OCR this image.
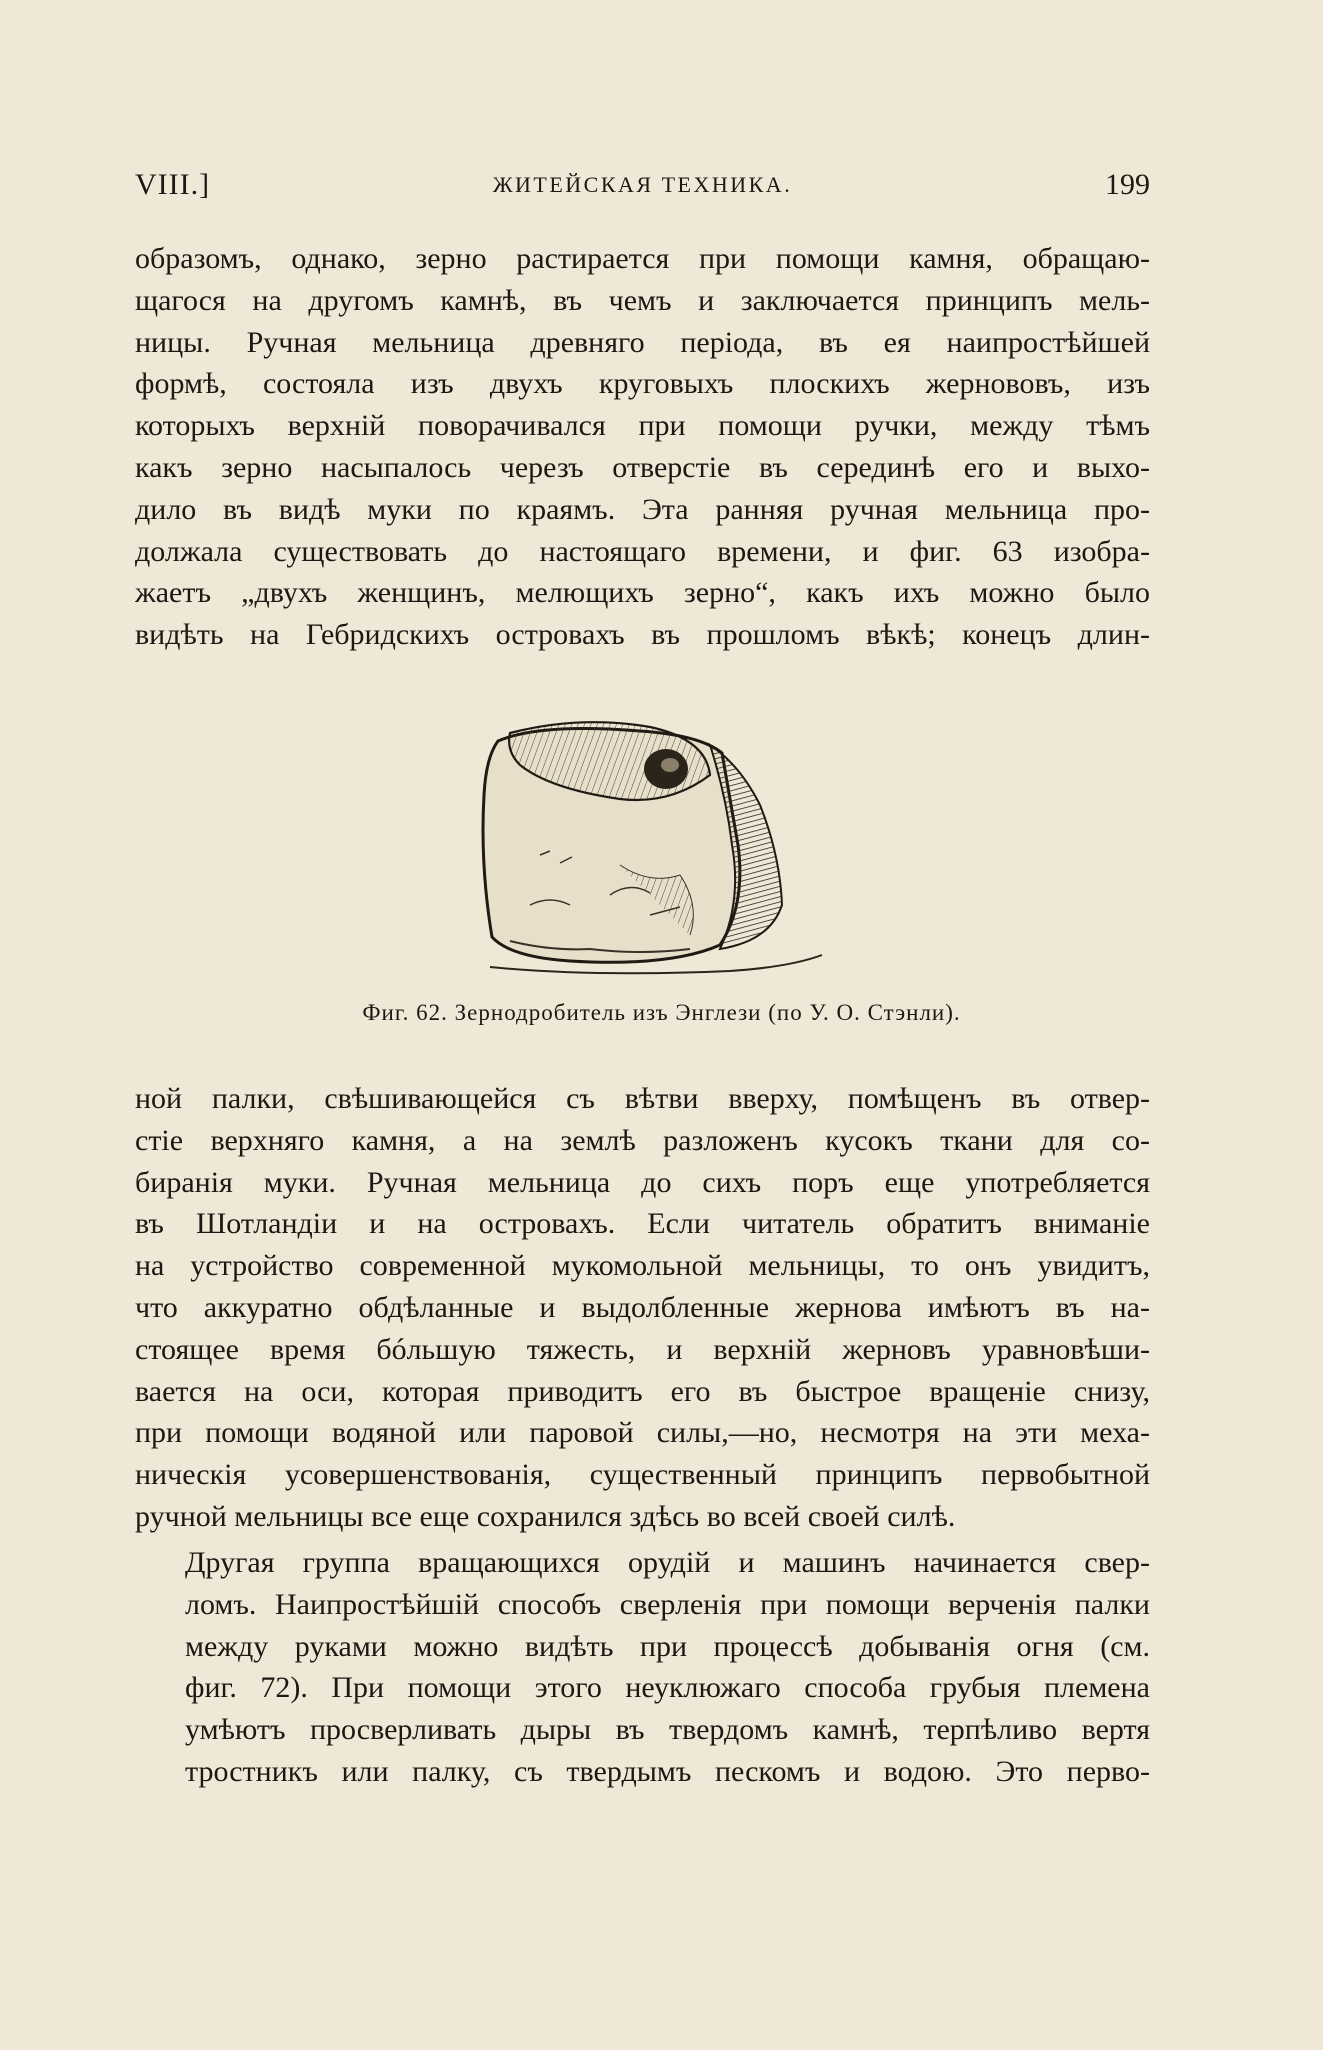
VIII.]	ЖИТЕЙСКАЯ ТЕХНИКА.	199
образомъ, однако, зерно растирается при помощи камня, обращаю-
щагося на другомъ камнѣ, въ чемъ и заключается принципъ мель-
ницы. Ручная мельница древняго періода, въ ея наипростѣйшей
формѣ, состояла изъ двухъ круговыхъ плоскихъ жернововъ, изъ
которыхъ верхній поворачивался при помощи ручки, между тѣмъ
какъ зерно насыпалось черезъ отверстіе въ серединѣ его и выхо-
дило въ видѣ муки по краямъ. Эта ранняя ручная мельница про-
должала существовать до настоящаго времени, и фиг. 63 изобра-
жаетъ „двухъ женщинъ, мелющихъ зерно“, какъ ихъ можно было
видѣть на Гебридскихъ островахъ въ прошломъ вѣкѣ; конецъ длин-
Фиг. 62. Зернодробитель изъ Энглези (по У. О. Стэнли).
ной палки, свѣшивающейся съ вѣтви вверху, помѣщенъ въ отвер-
стіе верхняго камня, а на землѣ разложенъ кусокъ ткани для со-
биранія муки. Ручная мельница до сихъ поръ еще употребляется
въ Шотландіи и на островахъ. Если читатель обратитъ вниманіе
на устройство современной мукомольной мельницы, то онъ увидитъ,
что аккуратно обдѣланные и выдолбленные жернова имѣютъ въ на-
стоящее время бóльшую тяжесть, и верхній жерновъ уравновѣши-
вается на оси, которая приводитъ его въ быстрое вращеніе снизу,
при помощи водяной или паровой силы,—но, несмотря на эти меха-
ническія усовершенствованія, существенный принципъ первобытной
ручной мельницы все еще сохранился здѣсь во всей своей силѣ.
Другая группа вращающихся орудій и машинъ начинается свер-
ломъ. Наипростѣйшій способъ сверленія при помощи верченія палки
между руками можно видѣть при процессѣ добыванія огня (см.
фиг. 72). При помощи этого неуклюжаго способа грубыя племена
умѣютъ просверливать дыры въ твердомъ камнѣ, терпѣливо вертя
тростникъ или палку, съ твердымъ пескомъ и водою. Это перво-
